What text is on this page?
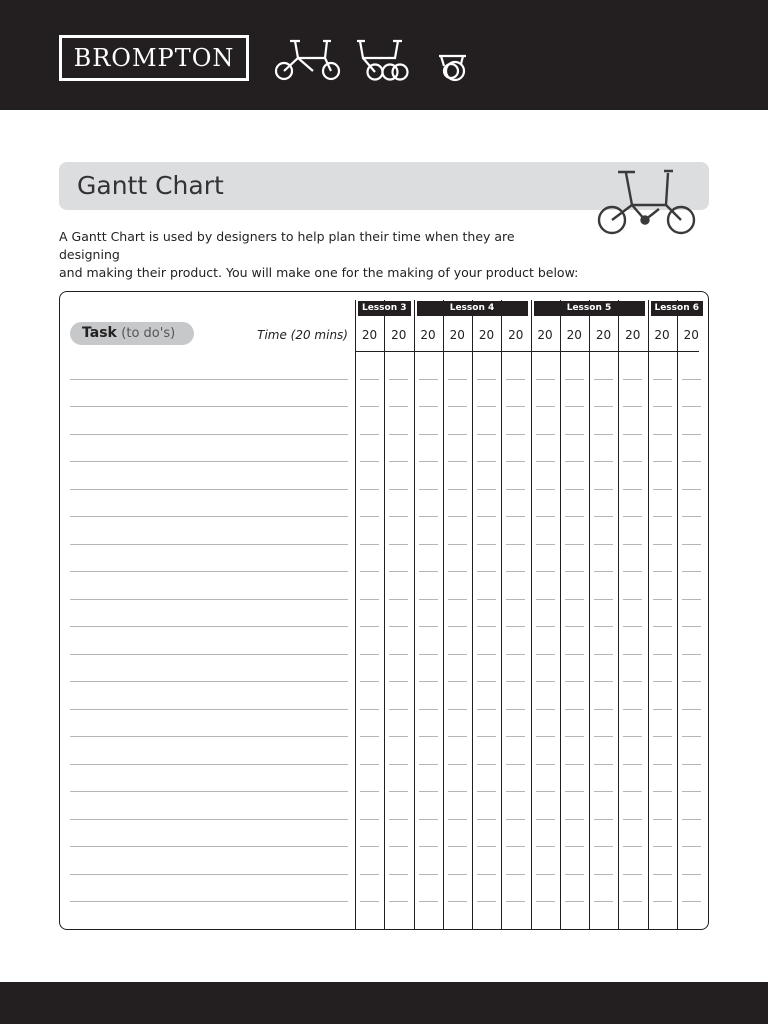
BROMPTON
Gantt Chart

A Gantt Chart is used by designers to help plan their time when they are designing
and making their product. You will make one for the making of your product below:

Task (to do's)	Time (20 mins)
Lesson 3	Lesson 4	Lesson 5	Lesson 6
20	20	20	20	20	20	20	20	20	20	20	20
